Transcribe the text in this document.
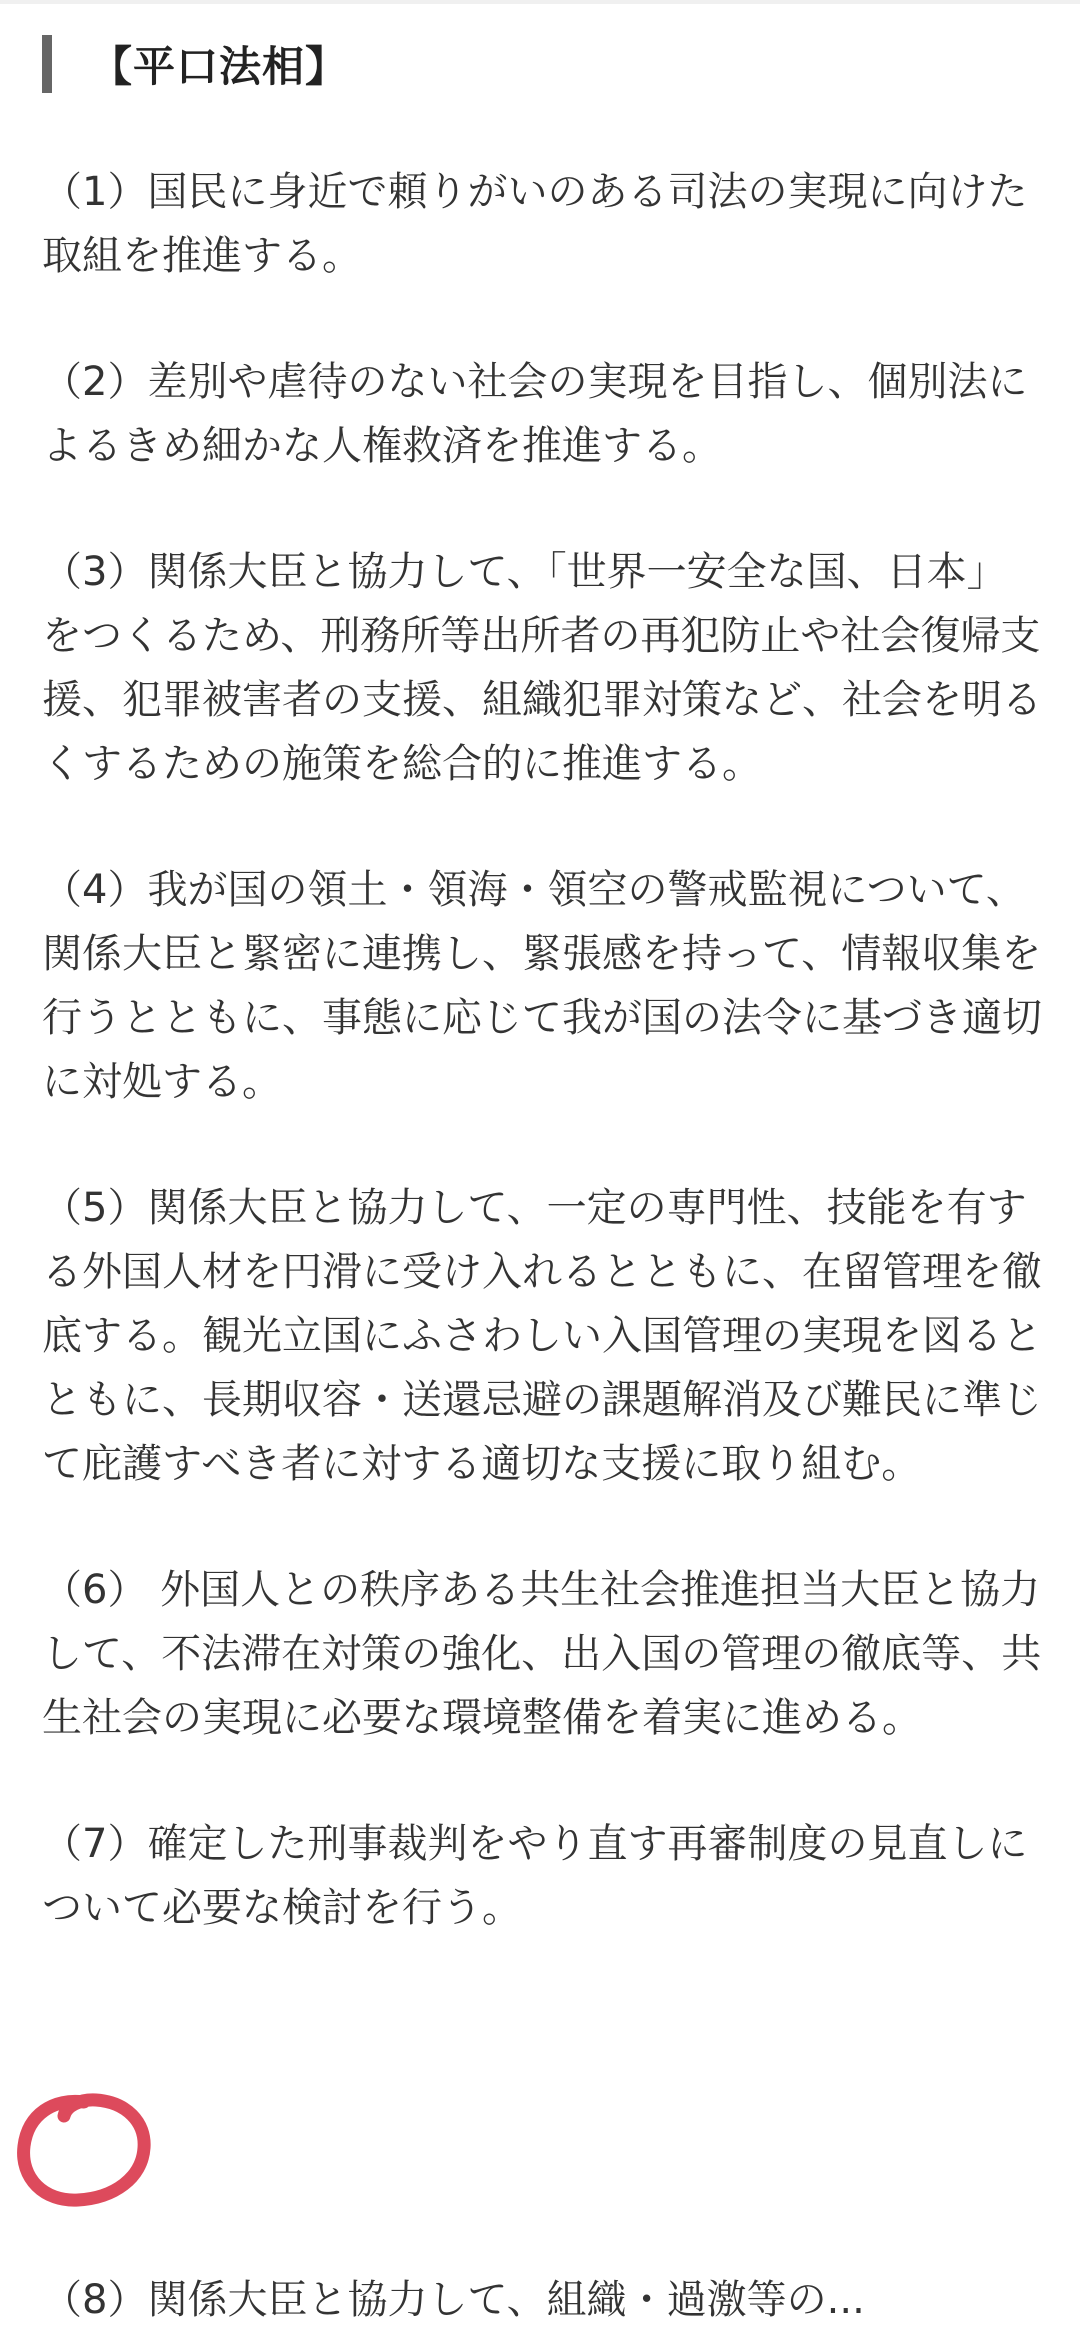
【平口法相】

（1）国民に身近で頼りがいのある司法の実現に向けた取組を推進する。

（2）差別や虐待のない社会の実現を目指し、個別法によるきめ細かな人権救済を推進する。

（3）関係大臣と協力して、「世界一安全な国、日本」をつくるため、刑務所等出所者の再犯防止や社会復帰支援、犯罪被害者の支援、組織犯罪対策など、社会を明るくするための施策を総合的に推進する。

（4）我が国の領土・領海・領空の警戒監視について、関係大臣と緊密に連携し、緊張感を持って、情報収集を行うとともに、事態に応じて我が国の法令に基づき適切に対処する。

（5）関係大臣と協力して、一定の専門性、技能を有する外国人材を円滑に受け入れるとともに、在留管理を徹底する。観光立国にふさわしい入国管理の実現を図るとともに、長期収容・送還忌避の課題解消及び難民に準じて庇護すべき者に対する適切な支援に取り組む。

（6） 外国人との秩序ある共生社会推進担当大臣と協力して、不法滞在対策の強化、出入国の管理の徹底等、共生社会の実現に必要な環境整備を着実に進める。

（7）確定した刑事裁判をやり直す再審制度の見直しについて必要な検討を行う。

（8）関係大臣と協力して、組織・過激等の...
